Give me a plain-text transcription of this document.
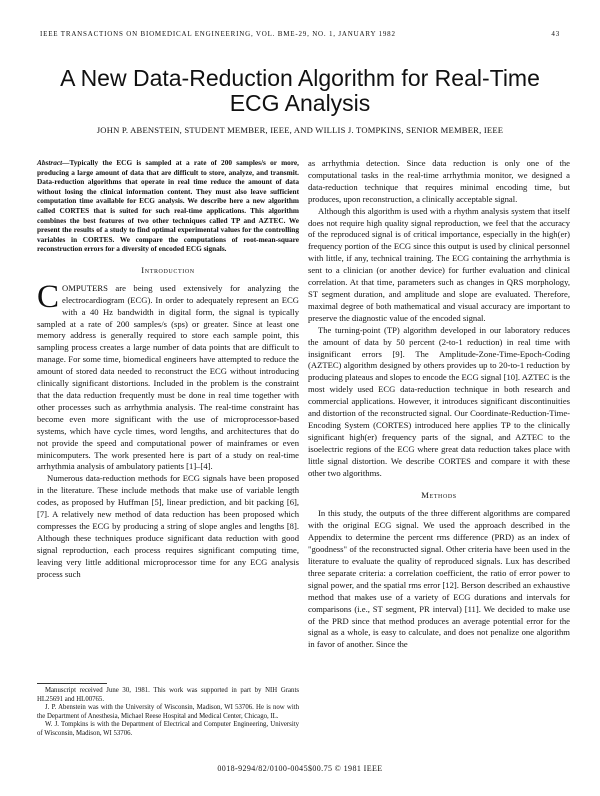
IEEE TRANSACTIONS ON BIOMEDICAL ENGINEERING, VOL. BME-29, NO. 1, JANUARY 1982	43
A New Data-Reduction Algorithm for Real-Time
ECG Analysis
JOHN P. ABENSTEIN, STUDENT MEMBER, IEEE, AND WILLIS J. TOMPKINS, SENIOR MEMBER, IEEE
Abstract—Typically the ECG is sampled at a rate of 200 samples/s or more, producing a large amount of data that are difficult to store, analyze, and transmit. Data-reduction algorithms that operate in real time reduce the amount of data without losing the clinical information content. They must also leave sufficient computation time available for ECG analysis. We describe here a new algorithm called CORTES that is suited for such real-time applications. This algorithm combines the best features of two other techniques called TP and AZTEC. We present the results of a study to find optimal experimental values for the controlling variables in CORTES. We compare the computations of root-mean-square reconstruction errors for a diversity of encoded ECG signals.
Introduction

COMPUTERS are being used extensively for analyzing the electrocardiogram (ECG). In order to adequately represent an ECG with a 40 Hz bandwidth in digital form, the signal is typically sampled at a rate of 200 samples/s (sps) or greater. Since at least one memory address is generally required to store each sample point, this sampling process creates a large number of data points that are difficult to manage. For some time, biomedical engineers have attempted to reduce the amount of stored data needed to reconstruct the ECG without introducing clinically significant distortions. Included in the problem is the constraint that the data reduction frequently must be done in real time together with other processes such as arrhythmia analysis. The real-time constraint has become even more significant with the use of microprocessor-based systems, which have cycle times, word lengths, and architectures that do not provide the speed and computational power of mainframes or even minicomputers. The work presented here is part of a study on real-time arrhythmia analysis of ambulatory patients [1]–[4].

Numerous data-reduction methods for ECG signals have been proposed in the literature. These include methods that make use of variable length codes, as proposed by Huffman [5], linear prediction, and bit packing [6], [7]. A relatively new method of data reduction has been proposed which compresses the ECG by producing a string of slope angles and lengths [8]. Although these techniques produce significant data reduction with good signal reproduction, each process requires significant computing time, leaving very little additional microprocessor time for any ECG analysis process such

as arrhythmia detection. Since data reduction is only one of the computational tasks in the real-time arrhythmia monitor, we designed a data-reduction technique that requires minimal encoding time, but produces, upon reconstruction, a clinically acceptable signal.

Although this algorithm is used with a rhythm analysis system that itself does not require high quality signal reproduction, we feel that the accuracy of the reproduced signal is of critical importance, especially in the high(er) frequency portion of the ECG since this output is used by clinical personnel with little, if any, technical training. The ECG containing the arrhythmia is sent to a clinician (or another device) for further evaluation and clinical correlation. At that time, parameters such as changes in QRS morphology, ST segment duration, and amplitude and slope are evaluated. Therefore, maximal degree of both mathematical and visual accuracy are important to preserve the diagnostic value of the encoded signal.

The turning-point (TP) algorithm developed in our laboratory reduces the amount of data by 50 percent (2-to-1 reduction) in real time with insignificant errors [9]. The Amplitude-Zone-Time-Epoch-Coding (AZTEC) algorithm designed by others provides up to 20-to-1 reduction by producing plateaus and slopes to encode the ECG signal [10]. AZTEC is the most widely used ECG data-reduction technique in both research and commercial applications. However, it introduces significant discontinuities and distortion of the reconstructed signal. Our Coordinate-Reduction-Time-Encoding System (CORTES) introduced here applies TP to the clinically significant high(er) frequency parts of the signal, and AZTEC to the isoelectric regions of the ECG where great data reduction takes place with little signal distortion. We describe CORTES and compare it with these other two algorithms.

Methods

In this study, the outputs of the three different algorithms are compared with the original ECG signal. We used the approach described in the Appendix to determine the percent rms difference (PRD) as an index of "goodness" of the reconstructed signal. Other criteria have been used in the literature to evaluate the quality of reproduced signals. Lux has described three separate criteria: a correlation coefficient, the ratio of error power to signal power, and the spatial rms error [12]. Berson described an exhaustive method that makes use of a variety of ECG durations and intervals for comparisons (i.e., ST segment, PR interval) [11]. We decided to make use of the PRD since that method produces an average potential error for the signal as a whole, is easy to calculate, and does not penalize one algorithm in favor of another. Since the

Manuscript received June 30, 1981. This work was supported in part by NIH Grants HL25691 and HL00765.

J. P. Abenstein was with the University of Wisconsin, Madison, WI 53706. He is now with the Department of Anesthesia, Michael Reese Hospital and Medical Center, Chicago, IL.

W. J. Tompkins is with the Department of Electrical and Computer Engineering, University of Wisconsin, Madison, WI 53706.

0018-9294/82/0100-0045$00.75 © 1981 IEEE
